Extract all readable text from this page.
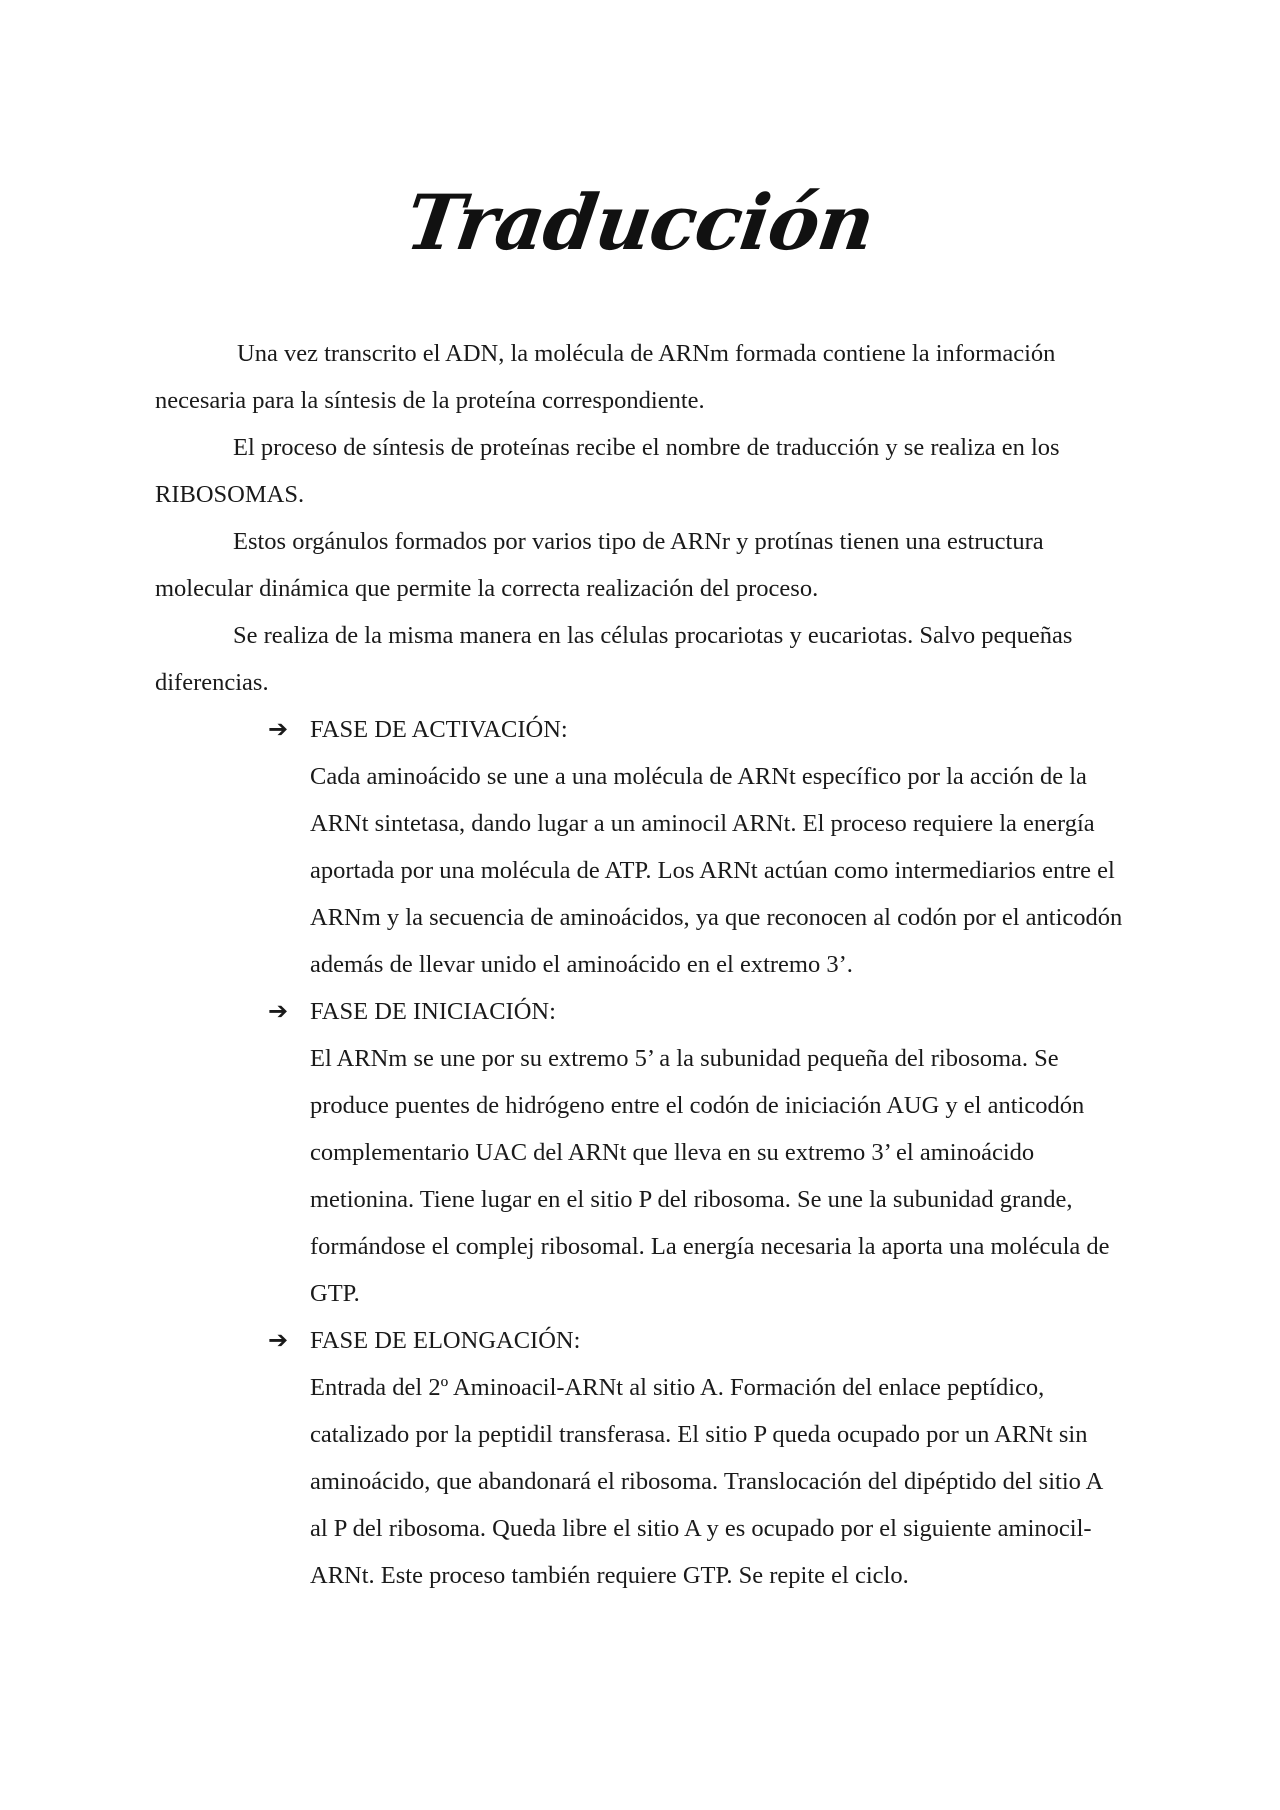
Traducción

Una vez transcrito el ADN, la molécula de ARNm formada contiene la información necesaria para la síntesis de la proteína correspondiente.

El proceso de síntesis de proteínas recibe el nombre de traducción y se realiza en los RIBOSOMAS.

Estos orgánulos formados por varios tipo de ARNr y protínas tienen una estructura molecular dinámica que permite la correcta realización del proceso.

Se realiza de la misma manera en las células procariotas y eucariotas. Salvo pequeñas diferencias.

➔ FASE DE ACTIVACIÓN:

Cada aminoácido se une a una molécula de ARNt específico por la acción de la ARNt sintetasa, dando lugar a un aminocil ARNt. El proceso requiere la energía aportada por una molécula de ATP. Los ARNt actúan como intermediarios entre el ARNm y la secuencia de aminoácidos, ya que reconocen al codón por el anticodón además de llevar unido el aminoácido en el extremo 3’.

➔ FASE DE INICIACIÓN:

El ARNm se une por su extremo 5’ a la subunidad pequeña del ribosoma. Se produce puentes de hidrógeno entre el codón de iniciación AUG y el anticodón complementario UAC del ARNt que lleva en su extremo 3’ el aminoácido metionina. Tiene lugar en el sitio P del ribosoma. Se une la subunidad grande, formándose el complej ribosomal. La energía necesaria la aporta una molécula de GTP.

➔ FASE DE ELONGACIÓN:

Entrada del 2º Aminoacil-ARNt al sitio A. Formación del enlace peptídico, catalizado por la peptidil transferasa. El sitio P queda ocupado por un ARNt sin aminoácido, que abandonará el ribosoma. Translocación del dipéptido del sitio A al P del ribosoma. Queda libre el sitio A y es ocupado por el siguiente aminocil-ARNt. Este proceso también requiere GTP. Se repite el ciclo.
